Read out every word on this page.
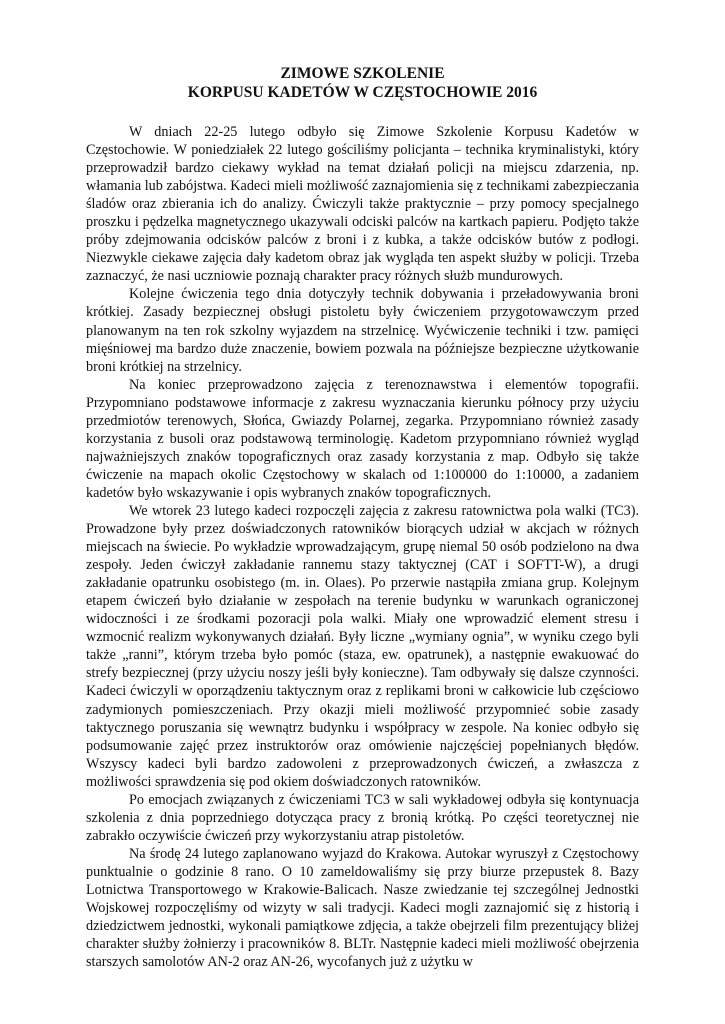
ZIMOWE SZKOLENIE
KORPUSU KADETÓW W CZĘSTOCHOWIE 2016

W dniach 22-25 lutego odbyło się Zimowe Szkolenie Korpusu Kadetów w Częstochowie. W poniedziałek 22 lutego gościliśmy policjanta – technika kryminalistyki, który przeprowadził bardzo ciekawy wykład na temat działań policji na miejscu zdarzenia, np. włamania lub zabójstwa. Kadeci mieli możliwość zaznajomienia się z technikami zabezpieczania śladów oraz zbierania ich do analizy. Ćwiczyli także praktycznie – przy pomocy specjalnego proszku i pędzelka magnetycznego ukazywali odciski palców na kartkach papieru. Podjęto także próby zdejmowania odcisków palców z broni i z kubka, a także odcisków butów z podłogi. Niezwykle ciekawe zajęcia dały kadetom obraz jak wygląda ten aspekt służby w policji. Trzeba zaznaczyć, że nasi uczniowie poznają charakter pracy różnych służb mundurowych.

Kolejne ćwiczenia tego dnia dotyczyły technik dobywania i przeładowywania broni krótkiej. Zasady bezpiecznej obsługi pistoletu były ćwiczeniem przygotowawczym przed planowanym na ten rok szkolny wyjazdem na strzelnicę. Wyćwiczenie techniki i tzw. pamięci mięśniowej ma bardzo duże znaczenie, bowiem pozwala na późniejsze bezpieczne użytkowanie broni krótkiej na strzelnicy.

Na koniec przeprowadzono zajęcia z terenoznawstwa i elementów topografii. Przypomniano podstawowe informacje z zakresu wyznaczania kierunku północy przy użyciu przedmiotów terenowych, Słońca, Gwiazdy Polarnej, zegarka. Przypomniano również zasady korzystania z busoli oraz podstawową terminologię. Kadetom przypomniano również wygląd najważniejszych znaków topograficznych oraz zasady korzystania z map. Odbyło się także ćwiczenie na mapach okolic Częstochowy w skalach od 1:100000 do 1:10000, a zadaniem kadetów było wskazywanie i opis wybranych znaków topograficznych.

We wtorek 23 lutego kadeci rozpoczęli zajęcia z zakresu ratownictwa pola walki (TC3). Prowadzone były przez doświadczonych ratowników biorących udział w akcjach w różnych miejscach na świecie. Po wykładzie wprowadzającym, grupę niemal 50 osób podzielono na dwa zespoły. Jeden ćwiczył zakładanie rannemu stazy taktycznej (CAT i SOFTT-W), a drugi zakładanie opatrunku osobistego (m. in. Olaes). Po przerwie nastąpiła zmiana grup. Kolejnym etapem ćwiczeń było działanie w zespołach na terenie budynku w warunkach ograniczonej widoczności i ze środkami pozoracji pola walki. Miały one wprowadzić element stresu i wzmocnić realizm wykonywanych działań. Były liczne „wymiany ognia”, w wyniku czego byli także „ranni”, którym trzeba było pomóc (staza, ew. opatrunek), a następnie ewakuować do strefy bezpiecznej (przy użyciu noszy jeśli były konieczne). Tam odbywały się dalsze czynności. Kadeci ćwiczyli w oporządzeniu taktycznym oraz z replikami broni w całkowicie lub częściowo zadymionych pomieszczeniach. Przy okazji mieli możliwość przypomnieć sobie zasady taktycznego poruszania się wewnątrz budynku i współpracy w zespole. Na koniec odbyło się podsumowanie zajęć przez instruktorów oraz omówienie najczęściej popełnianych błędów. Wszyscy kadeci byli bardzo zadowoleni z przeprowadzonych ćwiczeń, a zwłaszcza z możliwości sprawdzenia się pod okiem doświadczonych ratowników.

Po emocjach związanych z ćwiczeniami TC3 w sali wykładowej odbyła się kontynuacja szkolenia z dnia poprzedniego dotycząca pracy z bronią krótką. Po części teoretycznej nie zabrakło oczywiście ćwiczeń przy wykorzystaniu atrap pistoletów.

Na środę 24 lutego zaplanowano wyjazd do Krakowa. Autokar wyruszył z Częstochowy punktualnie o godzinie 8 rano. O 10 zameldowaliśmy się przy biurze przepustek 8. Bazy Lotnictwa Transportowego w Krakowie-Balicach. Nasze zwiedzanie tej szczególnej Jednostki Wojskowej rozpoczęliśmy od wizyty w sali tradycji. Kadeci mogli zaznajomić się z historią i dziedzictwem jednostki, wykonali pamiątkowe zdjęcia, a także obejrzeli film prezentujący bliżej charakter służby żołnierzy i pracowników 8. BLTr. Następnie kadeci mieli możliwość obejrzenia starszych samolotów AN-2 oraz AN-26, wycofanych już z użytku w
